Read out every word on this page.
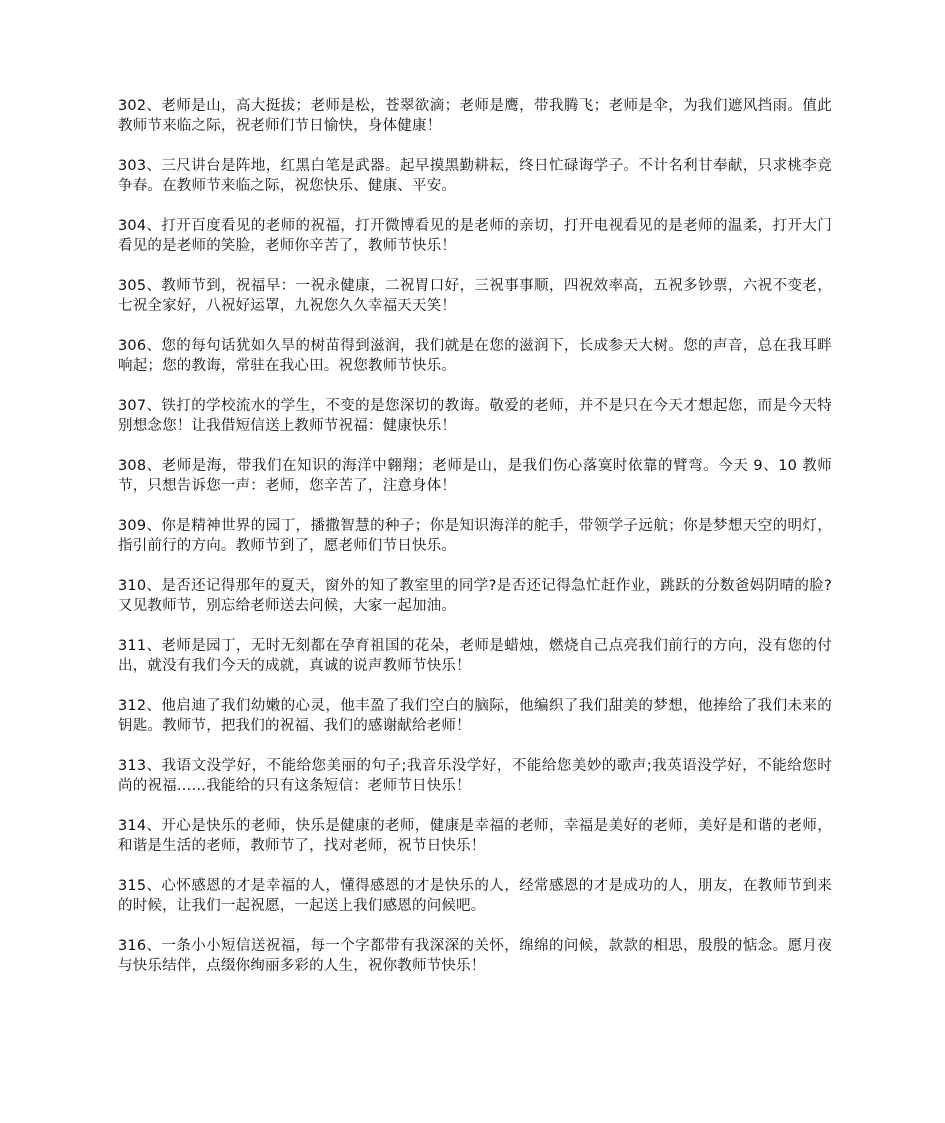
302、老师是山，高大挺拔；老师是松，苍翠欲滴；老师是鹰，带我腾飞；老师是伞，为我们遮风挡雨。值此教师节来临之际，祝老师们节日愉快，身体健康！

303、三尺讲台是阵地，红黑白笔是武器。起早摸黑勤耕耘，终日忙碌诲学子。不计名利甘奉献，只求桃李竞争春。在教师节来临之际，祝您快乐、健康、平安。

304、打开百度看见的老师的祝福，打开微博看见的是老师的亲切，打开电视看见的是老师的温柔，打开大门看见的是老师的笑脸，老师你辛苦了，教师节快乐！

305、教师节到，祝福早：一祝永健康，二祝胃口好，三祝事事顺，四祝效率高，五祝多钞票，六祝不变老，七祝全家好，八祝好运罩，九祝您久久幸福天天笑！

306、您的每句话犹如久旱的树苗得到滋润，我们就是在您的滋润下，长成参天大树。您的声音，总在我耳畔响起；您的教诲，常驻在我心田。祝您教师节快乐。

307、铁打的学校流水的学生，不变的是您深切的教诲。敬爱的老师，并不是只在今天才想起您，而是今天特别想念您！让我借短信送上教师节祝福：健康快乐！

308、老师是海，带我们在知识的海洋中翱翔；老师是山，是我们伤心落寞时依靠的臂弯。今天 9、10 教师节，只想告诉您一声：老师，您辛苦了，注意身体！

309、你是精神世界的园丁，播撒智慧的种子；你是知识海洋的舵手，带领学子远航；你是梦想天空的明灯，指引前行的方向。教师节到了，愿老师们节日快乐。

310、是否还记得那年的夏天，窗外的知了教室里的同学?是否还记得急忙赶作业，跳跃的分数爸妈阴晴的脸?又见教师节，别忘给老师送去问候，大家一起加油。

311、老师是园丁，无时无刻都在孕育祖国的花朵，老师是蜡烛，燃烧自己点亮我们前行的方向，没有您的付出，就没有我们今天的成就，真诚的说声教师节快乐！

312、他启迪了我们幼嫩的心灵，他丰盈了我们空白的脑际，他编织了我们甜美的梦想，他捧给了我们未来的钥匙。教师节，把我们的祝福、我们的感谢献给老师！

313、我语文没学好，不能给您美丽的句子;我音乐没学好，不能给您美妙的歌声;我英语没学好，不能给您时尚的祝福……我能给的只有这条短信：老师节日快乐！

314、开心是快乐的老师，快乐是健康的老师，健康是幸福的老师，幸福是美好的老师，美好是和谐的老师，和谐是生活的老师，教师节了，找对老师，祝节日快乐！

315、心怀感恩的才是幸福的人，懂得感恩的才是快乐的人，经常感恩的才是成功的人，朋友，在教师节到来的时候，让我们一起祝愿，一起送上我们感恩的问候吧。

316、一条小小短信送祝福，每一个字都带有我深深的关怀，绵绵的问候，款款的相思，殷殷的惦念。愿月夜与快乐结伴，点缀你绚丽多彩的人生，祝你教师节快乐！
